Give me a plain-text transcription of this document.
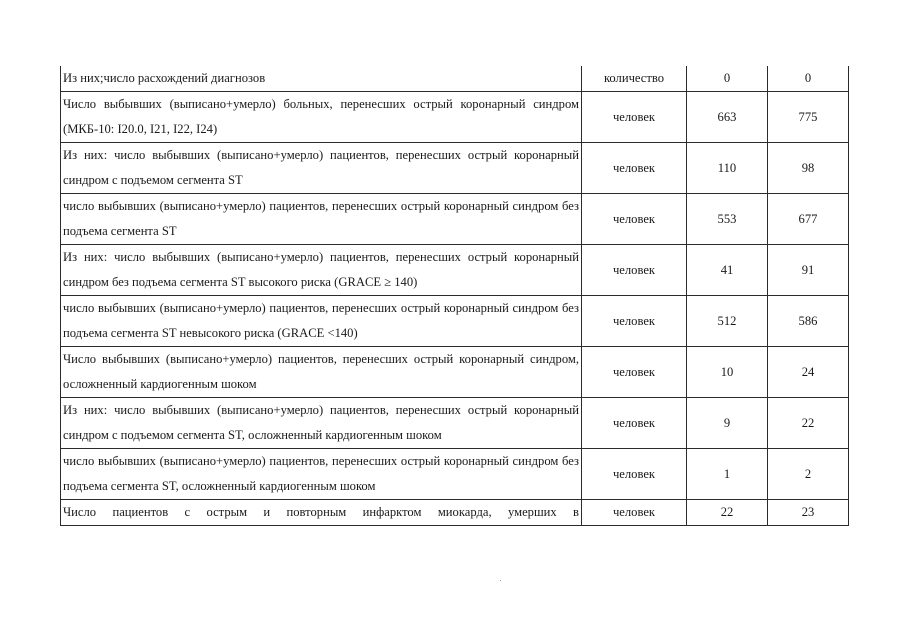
Из них;число расхождений диагнозов	количество	0	0
Число выбывших (выписано+умерло) больных, перенесших острый коронарный синдром (МКБ-10: I20.0, I21, I22, I24)	человек	663	775
Из них: число выбывших (выписано+умерло) пациентов, перенесших острый коронарный синдром с подъемом сегмента ST	человек	110	98
число выбывших (выписано+умерло) пациентов, перенесших острый коронарный синдром без подъема сегмента ST	человек	553	677
Из них: число выбывших (выписано+умерло) пациентов, перенесших острый коронарный синдром без подъема сегмента ST высокого риска (GRACE ≥ 140)	человек	41	91
число выбывших (выписано+умерло) пациентов, перенесших острый коронарный синдром без подъема сегмента ST невысокого риска (GRACE <140)	человек	512	586
Число выбывших (выписано+умерло) пациентов, перенесших острый коронарный синдром, осложненный кардиогенным шоком	человек	10	24
Из них: число выбывших (выписано+умерло) пациентов, перенесших острый коронарный синдром с подъемом сегмента ST, осложненный кардиогенным шоком	человек	9	22
число выбывших (выписано+умерло) пациентов, перенесших острый коронарный синдром без подъема сегмента ST, осложненный кардиогенным шоком	человек	1	2
Число пациентов с острым и повторным инфарктом миокарда, умерших в	человек	22	23
